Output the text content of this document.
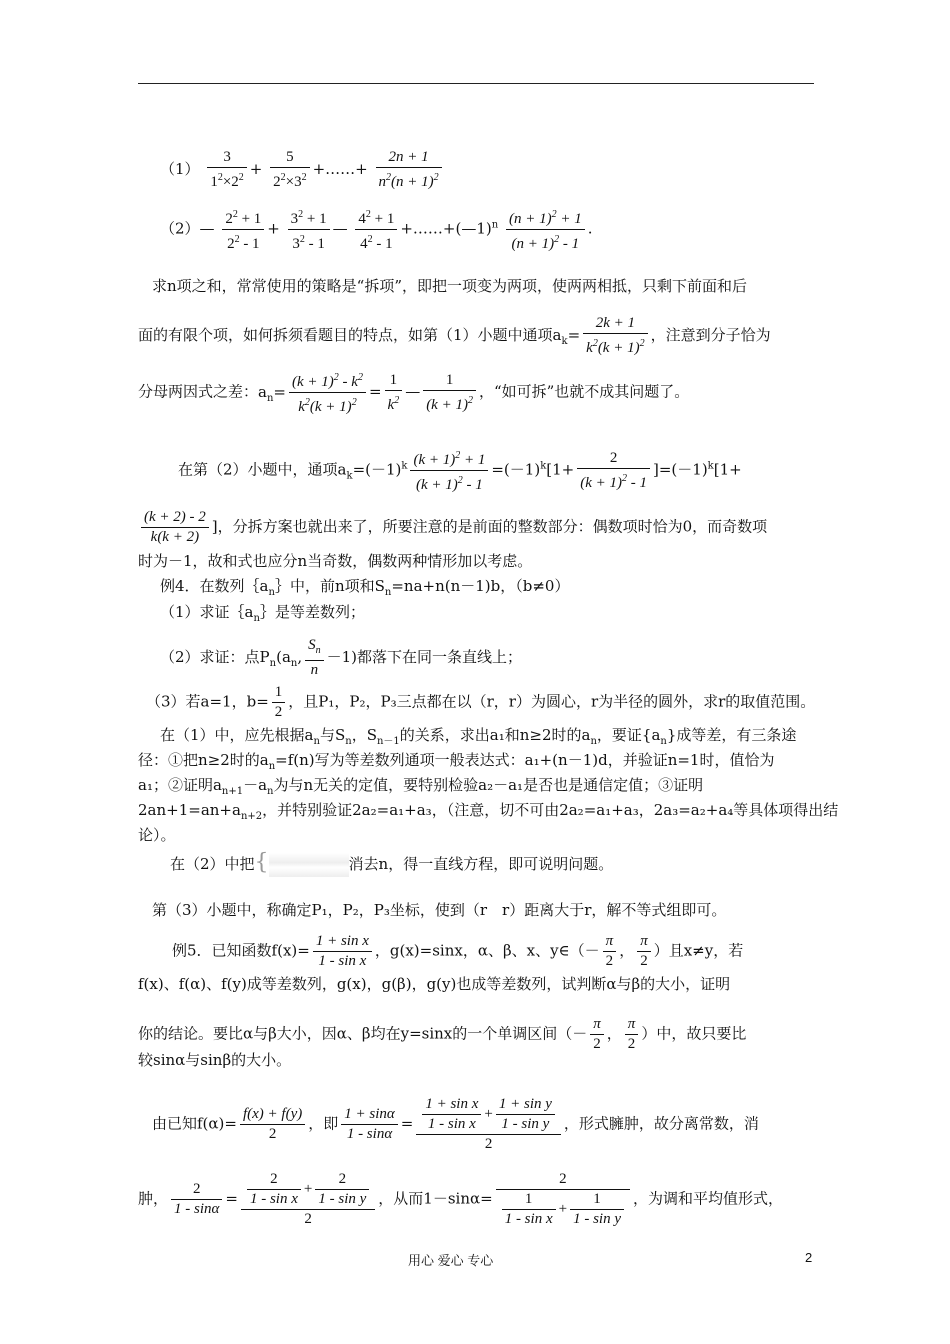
$(1) \frac{3}{1^2\times 2^2} + \frac{5}{2^2\times 3^2}$ +……+ $\frac{2n + 1}{n^2(n + 1)^2}$
（2）— $\frac{2^2 + 1}{2^2 - 1} + \frac{3^2 + 1}{3^2 - 1}$ — $\frac{4^2 + 1}{4^2 - 1}$ +……+(—1)$^n$ $\frac{(n + 1)^2 + 1}{(n + 1)^2 - 1}$ .
求n项之和，常常使用的策略是“拆项”，即把一项变为两项，使两两相抵，只剩下前面和后
面的有限个项，如何拆须看题目的特点，如第（1）小题中通项$a_k= \frac{2k + 1}{k^2(k + 1)^2}$ ，注意到分子恰为
分母两因式之差：$a_n= \frac{(k + 1)^2 - k^2}{k^2(k + 1)^2} = \frac{1}{k^2}$ — $\frac{1}{(k + 1)^2}$ ，“如可拆”也就不成其问题了。
在第（2）小题中，通项$a_k=(-1)^k \frac{(k + 1)^2 + 1}{(k + 1)^2 - 1} =(-1)^k[1+ \frac{2}{(k + 1)^2 - 1} ]=(-1)^k[1+$
$\frac{(k + 2) - 2}{k(k + 2)}$ ]，分拆方案也就出来了，所要注意的是前面的整数部分：偶数项时恰为0，而奇数项
时为－1，故和式也应分n当奇数，偶数两种情形加以考虑。
例4．在数列$\{a_n\}$中，前n项和$S_n=na+n(n-1)b$，（b≠0）
（1）求证$\{a_n\}$是等差数列；
（2）求证：点$P_n(a_n$, $\frac{S_n}{n} -1$)都落下在同一条直线上；
（3）若a=1，$b= \frac{1}{2}$ ，且P₁，P₂，P₃三点都在以（r，r）为圆心，r为半径的圆外，求r的取值范围。
在（1）中，应先根据$a_n$与$S_n$，$S_{n-1}$的关系，求出a₁和n≥2时的$a_n$，要证$\{a_n\}$成等差，有三条途
径：①把n≥2时的$a_n=f(n)$写为等差数列通项一般表达式：a₁+(n－1)d，并验证n=1时，值恰为
a₁；②证明$a_{n+1}-a_n$为与n无关的定值，要特别检验a₂－a₁是否也是通信定值；③证明
$2an+1=an+a_{n+2}$，并特别验证2a₂=a₁+a₃，（注意，切不可由2a₂=a₁+a₃，2a₃=a₂+a₄等具体项得出结
论）。
在（2）中把{	消去n，得一直线方程，即可说明问题。
第（3）小题中，称确定P₁，P₂，P₃坐标，使到（r　r）距离大于r，解不等式组即可。
例5．已知函数$f(x)= \frac{\text{1 + sin x}}{\text{1 - sin x}}$ ，g(x)=sinx，α、β、x、y∈（－ $\frac{\pi}{2}$ ， $\frac{\pi}{2}$ ）且x≠y，若
f(x)、f(α)、f(y)成等差数列，g(x)，g(β)，g(y)也成等差数列，试判断α与β的大小，证明
你的结论。要比α与β大小，因α、β均在y=sinx的一个单调区间（－ $\frac{\pi}{2}$ ， $\frac{\pi}{2}$ ）中，故只要比
较sinα与sinβ的大小。
由已知$f(\alpha)= \frac{f(x) + f(y)}{2}$ ，即 $\frac{1 + \sin\alpha}{1 - \sin\alpha} = \frac{\frac{\text{1 + sin x}}{\text{1 - sin x}} + \frac{\text{1 + sin y}}{\text{1 - sin y}}}{2}$ ，形式臃肿，故分离常数，消
肿， $\frac{2}{1 - \sin\alpha} = \frac{\frac{2}{\text{1 - sin x}} + \frac{2}{\text{1 - sin y}}}{2}$ ，从而$1-\sin\alpha= \frac{2}{\frac{1}{\text{1 - sin x}} + \frac{1}{\text{1 - sin y}}}$ ，为调和平均值形式，
用心 爱心 专心	2
